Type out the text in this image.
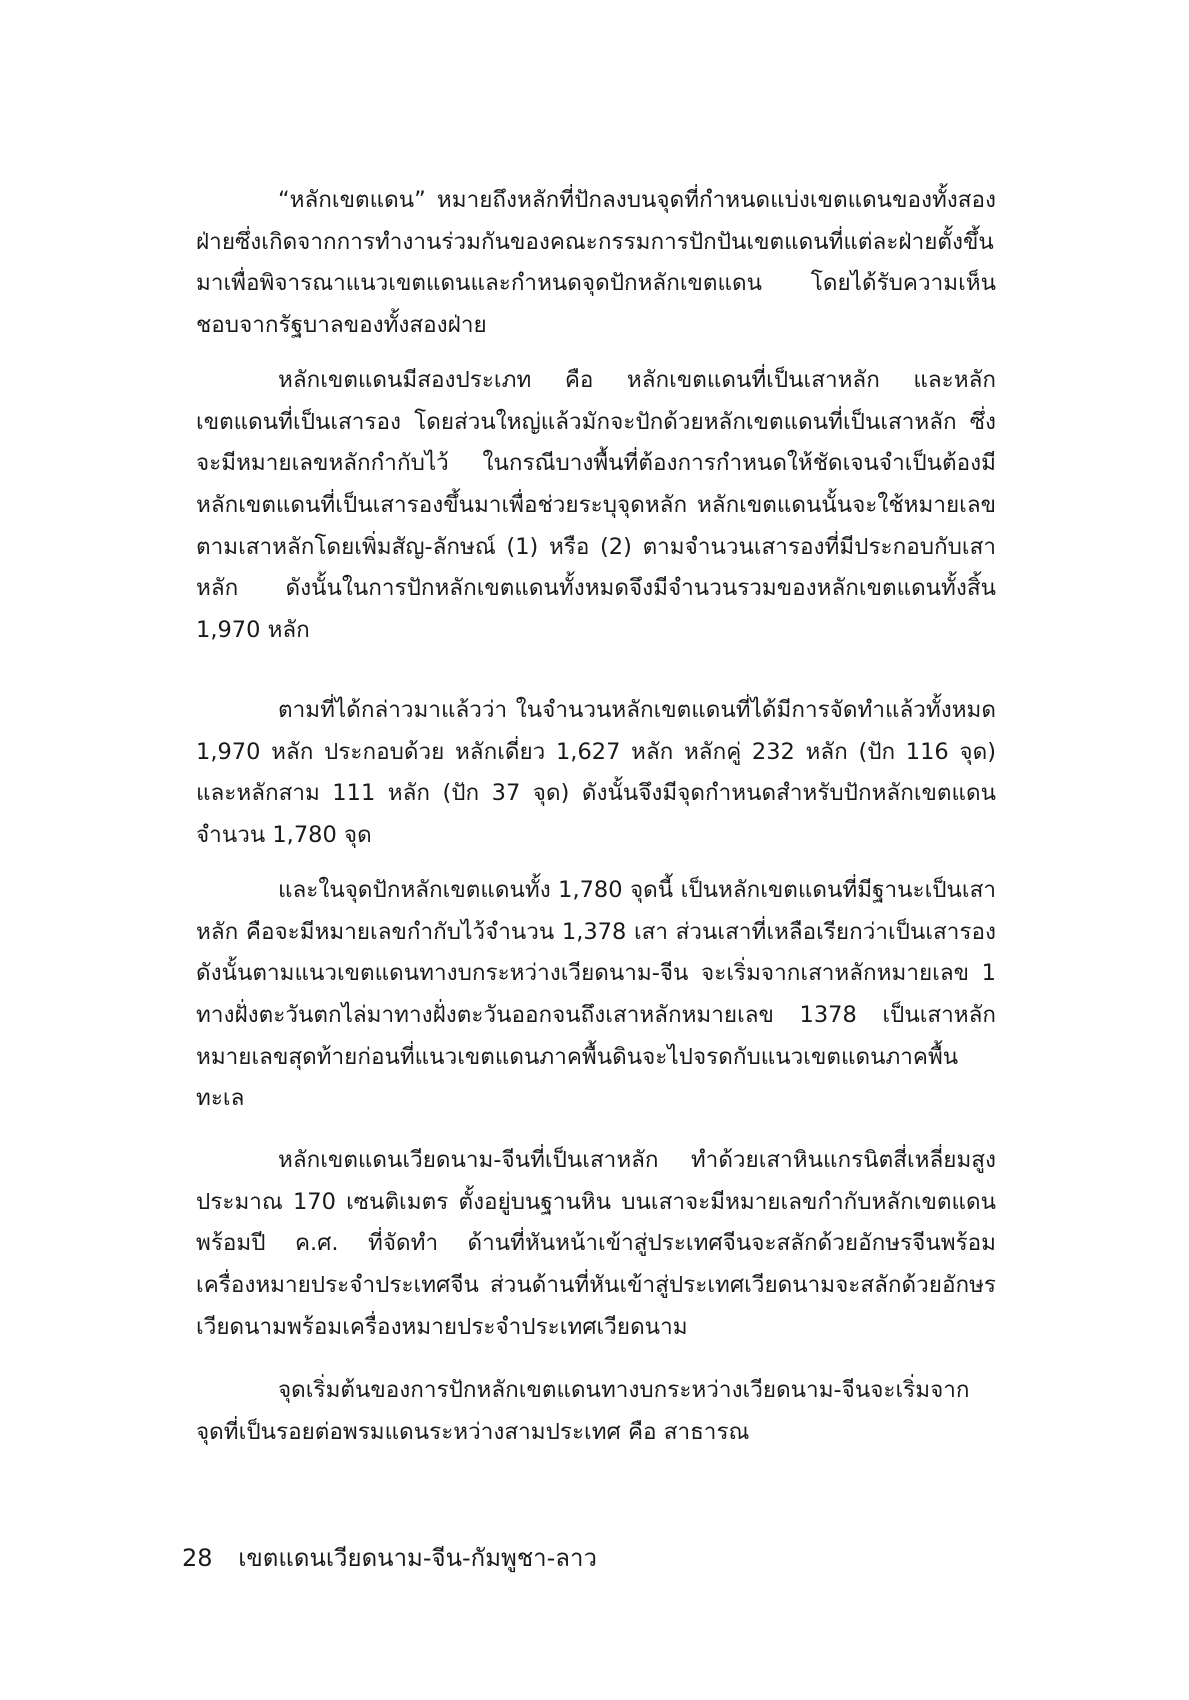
“หลักเขตแดน” หมายถึงหลักที่ปักลงบนจุดที่กำหนดแบ่งเขตแดนของทั้งสองฝ่ายซึ่งเกิดจากการทำงานร่วมกันของคณะกรรมการปักปันเขตแดนที่แต่ละฝ่ายตั้งขึ้นมาเพื่อพิจารณาแนวเขตแดนและกำหนดจุดปักหลักเขตแดน โดยได้รับความเห็นชอบจากรัฐบาลของทั้งสองฝ่าย

หลักเขตแดนมีสองประเภท คือ หลักเขตแดนที่เป็นเสาหลัก และหลักเขตแดนที่เป็นเสารอง โดยส่วนใหญ่แล้วมักจะปักด้วยหลักเขตแดนที่เป็นเสาหลัก ซึ่งจะมีหมายเลขหลักกำกับไว้ ในกรณีบางพื้นที่ต้องการกำหนดให้ชัดเจนจำเป็นต้องมีหลักเขตแดนที่เป็นเสารองขึ้นมาเพื่อช่วยระบุจุดหลัก หลักเขตแดนนั้นจะใช้หมายเลขตามเสาหลักโดยเพิ่มสัญ-ลักษณ์ (1) หรือ (2) ตามจำนวนเสารองที่มีประกอบกับเสาหลัก ดังนั้นในการปักหลักเขตแดนทั้งหมดจึงมีจำนวนรวมของหลักเขตแดนทั้งสิ้น 1,970 หลัก

ตามที่ได้กล่าวมาแล้วว่า ในจำนวนหลักเขตแดนที่ได้มีการจัดทำแล้วทั้งหมด 1,970 หลัก ประกอบด้วย หลักเดี่ยว 1,627 หลัก หลักคู่ 232 หลัก (ปัก 116 จุด) และหลักสาม 111 หลัก (ปัก 37 จุด) ดังนั้นจึงมีจุดกำหนดสำหรับปักหลักเขตแดนจำนวน 1,780 จุด

และในจุดปักหลักเขตแดนทั้ง 1,780 จุดนี้ เป็นหลักเขตแดนที่มีฐานะเป็นเสาหลัก คือจะมีหมายเลขกำกับไว้จำนวน 1,378 เสา ส่วนเสาที่เหลือเรียกว่าเป็นเสารอง ดังนั้นตามแนวเขตแดนทางบกระหว่างเวียดนาม-จีน จะเริ่มจากเสาหลักหมายเลข 1 ทางฝั่งตะวันตกไล่มาทางฝั่งตะวันออกจนถึงเสาหลักหมายเลข 1378 เป็นเสาหลักหมายเลขสุดท้ายก่อนที่แนวเขตแดนภาคพื้นดินจะไปจรดกับแนวเขตแดนภาคพื้นทะเล

หลักเขตแดนเวียดนาม-จีนที่เป็นเสาหลัก ทำด้วยเสาหินแกรนิตสี่เหลี่ยมสูงประมาณ 170 เซนติเมตร ตั้งอยู่บนฐานหิน บนเสาจะมีหมายเลขกำกับหลักเขตแดนพร้อมปี ค.ศ. ที่จัดทำ ด้านที่หันหน้าเข้าสู่ประเทศจีนจะสลักด้วยอักษรจีนพร้อมเครื่องหมายประจำประเทศจีน ส่วนด้านที่หันเข้าสู่ประเทศเวียดนามจะสลักด้วยอักษรเวียดนามพร้อมเครื่องหมายประจำประเทศเวียดนาม

จุดเริ่มต้นของการปักหลักเขตแดนทางบกระหว่างเวียดนาม-จีนจะเริ่มจากจุดที่เป็นรอยต่อพรมแดนระหว่างสามประเทศ คือ สาธารณ

28 เขตแดนเวียดนาม-จีน-กัมพูชา-ลาว
